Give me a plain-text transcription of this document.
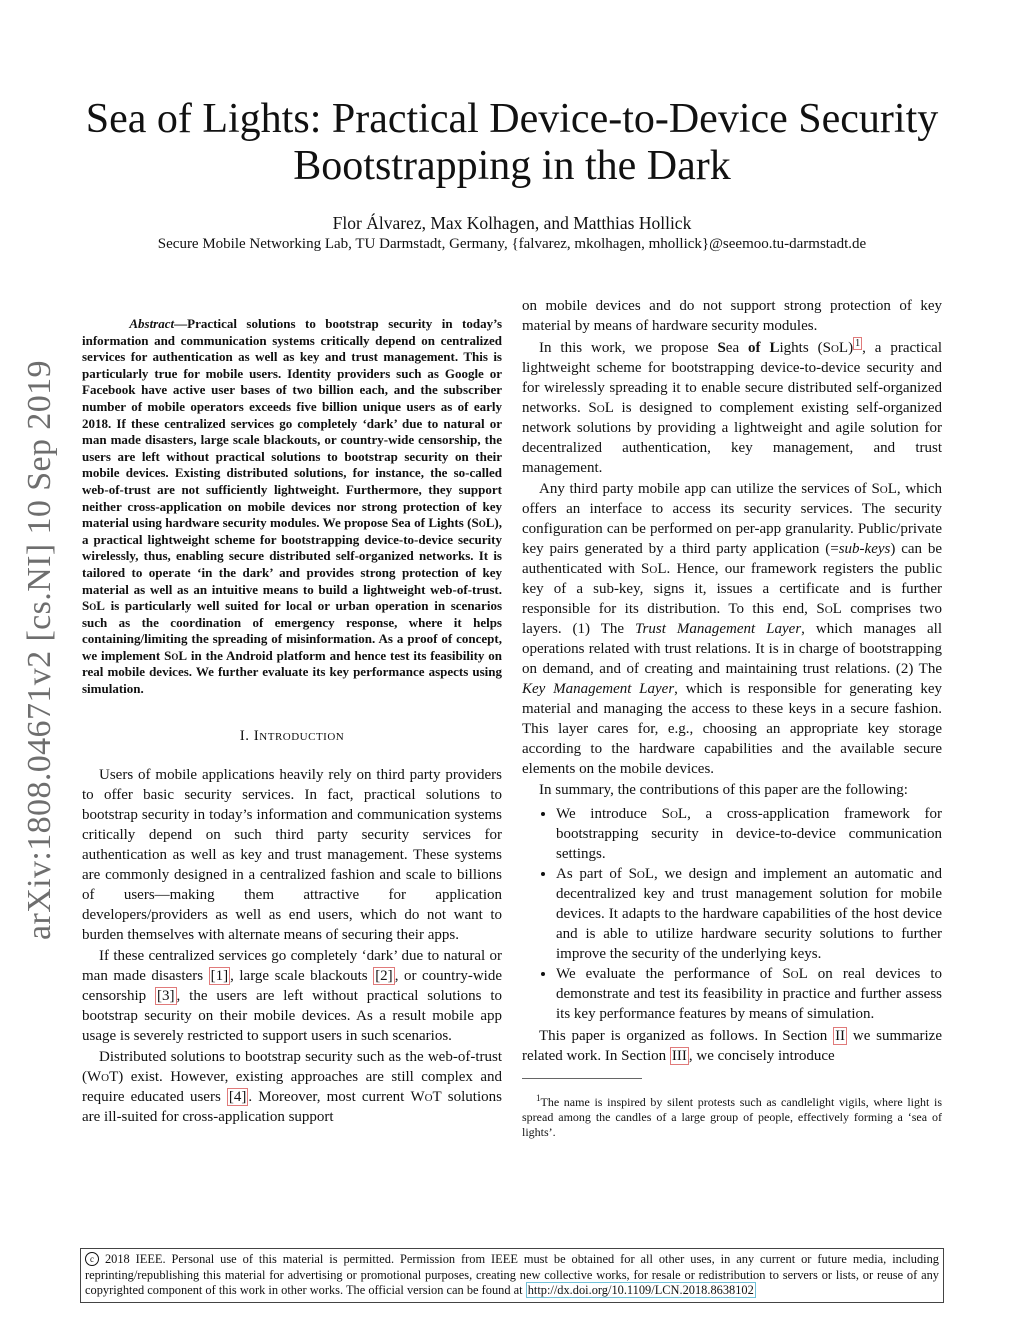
arXiv:1808.04671v2 [cs.NI] 10 Sep 2019
Sea of Lights: Practical Device-to-Device Security
Bootstrapping in the Dark
Flor Álvarez, Max Kolhagen, and Matthias Hollick
Secure Mobile Networking Lab, TU Darmstadt, Germany, {falvarez, mkolhagen, mhollick}@seemoo.tu-darmstadt.de
Abstract—Practical solutions to bootstrap security in today’s information and communication systems critically depend on centralized services for authentication as well as key and trust management. This is particularly true for mobile users. Identity providers such as Google or Facebook have active user bases of two billion each, and the subscriber number of mobile operators exceeds five billion unique users as of early 2018. If these centralized services go completely ‘dark’ due to natural or man made disasters, large scale blackouts, or country-wide censorship, the users are left without practical solutions to bootstrap security on their mobile devices. Existing distributed solutions, for instance, the so-called web-of-trust are not sufficiently lightweight. Furthermore, they support neither cross-application on mobile devices nor strong protection of key material using hardware security modules. We propose Sea of Lights (SoL), a practical lightweight scheme for bootstrapping device-to-device security wirelessly, thus, enabling secure distributed self-organized networks. It is tailored to operate ‘in the dark’ and provides strong protection of key material as well as an intuitive means to build a lightweight web-of-trust. SoL is particularly well suited for local or urban operation in scenarios such as the coordination of emergency response, where it helps containing/limiting the spreading of misinformation. As a proof of concept, we implement SoL in the Android platform and hence test its feasibility on real mobile devices. We further evaluate its key performance aspects using simulation.
I. Introduction

Users of mobile applications heavily rely on third party providers to offer basic security services. In fact, practical solutions to bootstrap security in today’s information and communication systems critically depend on such third party security services for authentication as well as key and trust management. These systems are commonly designed in a centralized fashion and scale to billions of users—making them attractive for application developers/providers as well as end users, which do not want to burden themselves with alternate means of securing their apps.

If these centralized services go completely ‘dark’ due to natural or man made disasters [1] , large scale blackouts [2] , or country-wide censorship [3] , the users are left without practical solutions to bootstrap security on their mobile devices. As a result mobile app usage is severely restricted to support users in such scenarios.

Distributed solutions to bootstrap security such as the web-of-trust (WoT) exist. However, existing approaches are still complex and require educated users [4] . Moreover, most current WoT solutions are ill-suited for cross-application support

on mobile devices and do not support strong protection of key material by means of hardware security modules.

In this work, we propose Sea of Lights (SoL) $^1$ , a practical lightweight scheme for bootstrapping device-to-device security and for wirelessly spreading it to enable secure distributed self-organized networks. SoL is designed to complement existing self-organized network solutions by providing a lightweight and agile solution for decentralized authentication, key management, and trust management.

Any third party mobile app can utilize the services of SoL, which offers an interface to access its security services. The security configuration can be performed on per-app granularity. Public/private key pairs generated by a third party application (=sub-keys) can be authenticated with SoL. Hence, our framework registers the public key of a sub-key, signs it, issues a certificate and is further responsible for its distribution. To this end, SoL comprises two layers. (1) The Trust Management Layer, which manages all operations related with trust relations. It is in charge of bootstrapping on demand, and of creating and maintaining trust relations. (2) The Key Management Layer, which is responsible for generating key material and managing the access to these keys in a secure fashion. This layer cares for, e.g., choosing an appropriate key storage according to the hardware capabilities and the available secure elements on the mobile devices.

In summary, the contributions of this paper are the following:

• We introduce SoL, a cross-application framework for bootstrapping security in device-to-device communication settings.
• As part of SoL, we design and implement an automatic and decentralized key and trust management solution for mobile devices. It adapts to the hardware capabilities of the host device and is able to utilize hardware security solutions to further improve the security of the underlying keys.
• We evaluate the performance of SoL on real devices to demonstrate and test its feasibility in practice and further assess its key performance features by means of simulation.

This paper is organized as follows. In Section II we summarize related work. In Section III , we concisely introduce

$^1$The name is inspired by silent protests such as candlelight vigils, where light is spread among the candles of a large group of people, effectively forming a ‘sea of lights’.
c 2018 IEEE. Personal use of this material is permitted. Permission from IEEE must be obtained for all other uses, in any current or future media, including reprinting/republishing this material for advertising or promotional purposes, creating new collective works, for resale or redistribution to servers or lists, or reuse of any copyrighted component of this work in other works. The official version can be found at http://dx.doi.org/10.1109/LCN.2018.8638102
